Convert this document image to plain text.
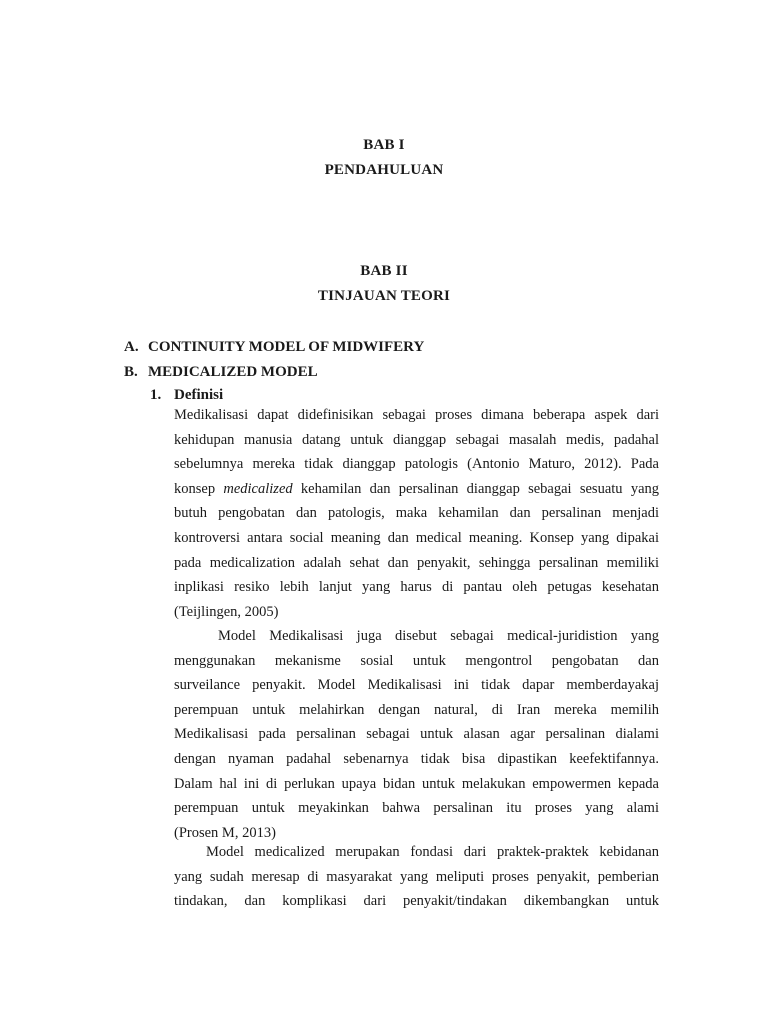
BAB I
PENDAHULUAN
BAB II
TINJAUAN TEORI
A. CONTINUITY MODEL OF MIDWIFERY
B. MEDICALIZED MODEL
1. Definisi
Medikalisasi dapat didefinisikan sebagai proses dimana beberapa aspek dari
kehidupan manusia datang untuk dianggap sebagai masalah medis, padahal
sebelumnya mereka tidak dianggap patologis (Antonio Maturo, 2012). Pada
konsep medicalized kehamilan dan persalinan dianggap sebagai sesuatu yang
butuh pengobatan dan patologis, maka kehamilan dan persalinan menjadi
kontroversi antara social meaning dan medical meaning. Konsep yang dipakai
pada medicalization adalah sehat dan penyakit, sehingga persalinan memiliki
inplikasi resiko lebih lanjut yang harus di pantau oleh petugas kesehatan
(Teijlingen, 2005)
Model Medikalisasi juga disebut sebagai medical-juridistion yang
menggunakan mekanisme sosial untuk mengontrol pengobatan dan
surveilance penyakit. Model Medikalisasi ini tidak dapar memberdayakaj
perempuan untuk melahirkan dengan natural, di Iran mereka memilih
Medikalisasi pada persalinan sebagai untuk alasan agar persalinan dialami
dengan nyaman padahal sebenarnya tidak bisa dipastikan keefektifannya.
Dalam hal ini di perlukan upaya bidan untuk melakukan empowermen kepada
perempuan untuk meyakinkan bahwa persalinan itu proses yang alami
(Prosen M, 2013)
Model medicalized merupakan fondasi dari praktek-praktek kebidanan
yang sudah meresap di masyarakat yang meliputi proses penyakit, pemberian
tindakan, dan komplikasi dari penyakit/tindakan dikembangkan untuk
